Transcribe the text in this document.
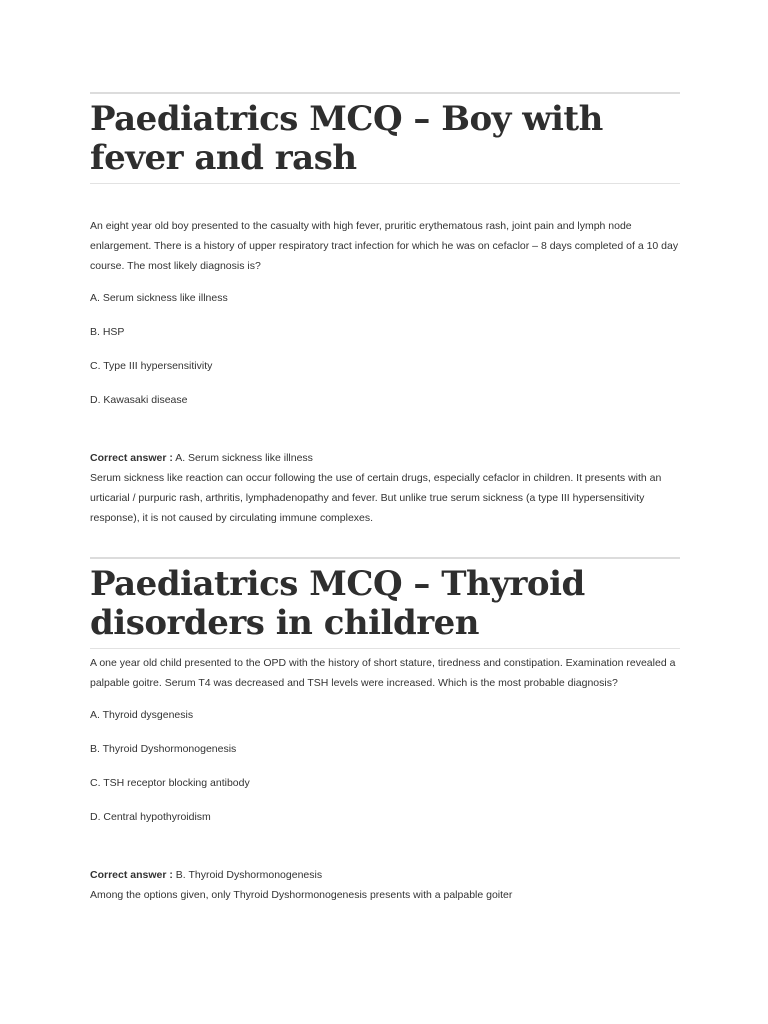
Paediatrics MCQ – Boy with fever and rash

An eight year old boy presented to the casualty with high fever, pruritic erythematous rash, joint pain and lymph node enlargement. There is a history of upper respiratory tract infection for which he was on cefaclor – 8 days completed of a 10 day course. The most likely diagnosis is?

A. Serum sickness like illness

B. HSP

C. Type III hypersensitivity

D. Kawasaki disease

Correct answer : A. Serum sickness like illness

Serum sickness like reaction can occur following the use of certain drugs, especially cefaclor in children. It presents with an urticarial / purpuric rash, arthritis, lymphadenopathy and fever. But unlike true serum sickness (a type III hypersensitivity response), it is not caused by circulating immune complexes.

Paediatrics MCQ – Thyroid disorders in children

A one year old child presented to the OPD with the history of short stature, tiredness and constipation. Examination revealed a palpable goitre. Serum T4 was decreased and TSH levels were increased. Which is the most probable diagnosis?

A. Thyroid dysgenesis

B. Thyroid Dyshormonogenesis

C. TSH receptor blocking antibody

D. Central hypothyroidism

Correct answer : B. Thyroid Dyshormonogenesis

Among the options given, only Thyroid Dyshormonogenesis presents with a palpable goiter
